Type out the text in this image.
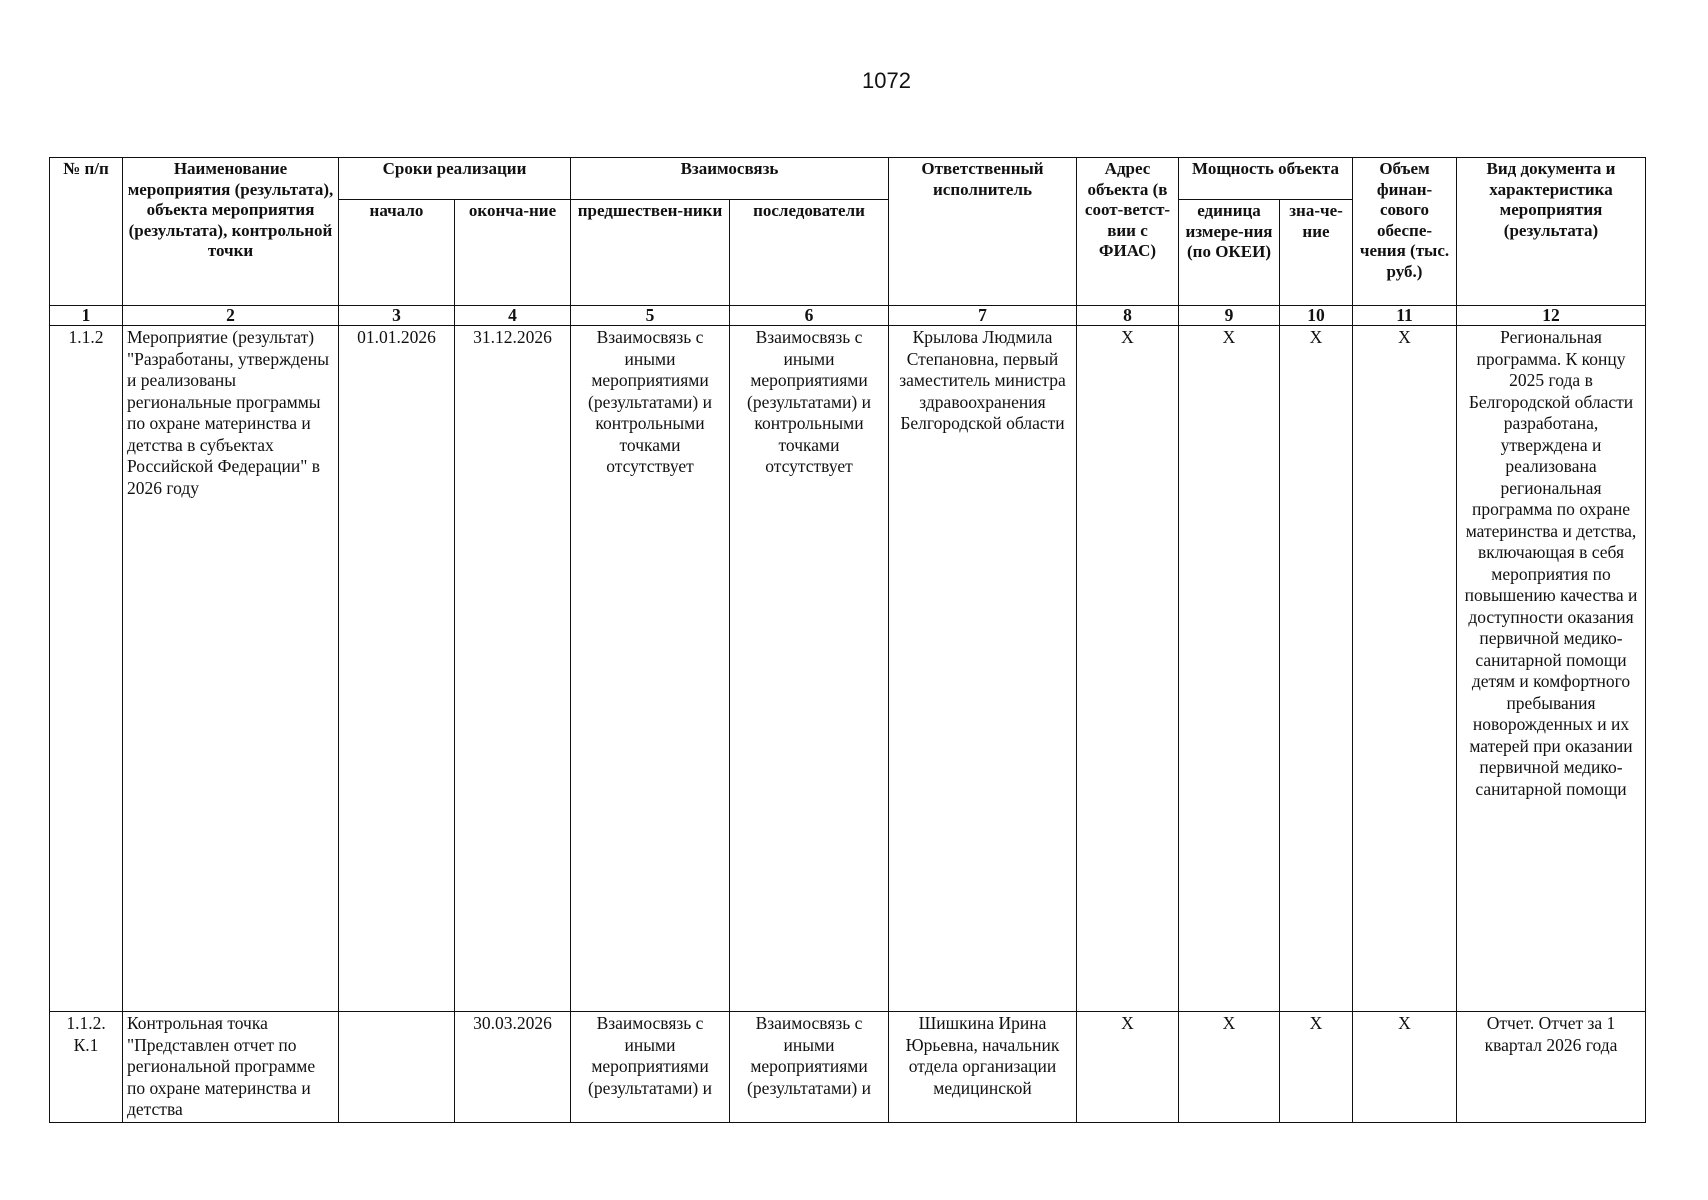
1072
№ п/п	Наименование мероприятия (результата), объекта мероприятия (результата), контрольной точки	Сроки реализации		Взаимосвязь		Ответственный исполнитель	Адрес объекта (в соот-ветст-вии с ФИАС)	Мощность объекта		Объем финан-сового обеспе-чения (тыс. руб.)	Вид документа и характеристика мероприятия (результата)
		начало	оконча-ние	предшествен-ники	последователи			единица измере-ния (по ОКЕИ)	зна-че-ние		
1	2	3	4	5	6	7	8	9	10	11	12
1.1.2	Мероприятие (результат) "Разработаны, утверждены и реализованы региональные программы по охране материнства и детства в субъектах Российской Федерации" в 2026 году	01.01.2026	31.12.2026	Взаимосвязь с иными мероприятиями (результатами) и контрольными точками отсутствует	Взаимосвязь с иными мероприятиями (результатами) и контрольными точками отсутствует	Крылова Людмила Степановна, первый заместитель министра здравоохранения Белгородской области	Х	Х	Х	Х	Региональная программа. К концу 2025 года в Белгородской области разработана, утверждена и реализована региональная программа по охране материнства и детства, включающая в себя мероприятия по повышению качества и доступности оказания первичной медико-санитарной помощи детям и комфортного пребывания новорожденных и их матерей при оказании первичной медико-санитарной помощи
1.1.2. К.1	Контрольная точка "Представлен отчет по региональной программе по охране материнства и детства		30.03.2026	Взаимосвязь с иными мероприятиями (результатами) и	Взаимосвязь с иными мероприятиями (результатами) и	Шишкина Ирина Юрьевна, начальник отдела организации медицинской	Х	Х	Х	Х	Отчет. Отчет за 1 квартал 2026 года
